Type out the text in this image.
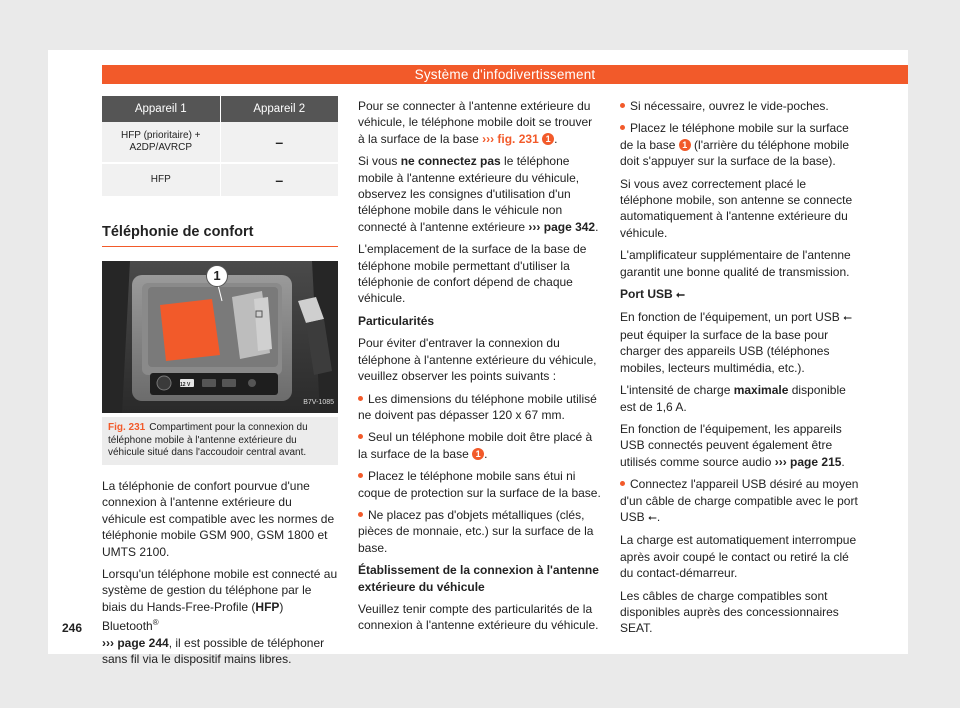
Système d'infodivertissement
Appareil 1	Appareil 2
HFP (prioritaire) + A2DP/AVRCP	–
HFP	–
Téléphonie de confort
1
12 V
B7V-1085
Fig. 231 Compartiment pour la connexion du téléphone mobile à l'antenne extérieure du véhicule situé dans l'accoudoir central avant.

La téléphonie de confort pourvue d'une connexion à l'antenne extérieure du véhicule est compatible avec les normes de téléphonie mobile GSM 900, GSM 1800 et UMTS 2100.

Lorsqu'un téléphone mobile est connecté au système de gestion du téléphone par le biais du Hands-Free-Profile (HFP) Bluetooth®
››› page 244, il est possible de téléphoner sans fil via le dispositif mains libres.

Pour se connecter à l'antenne extérieure du véhicule, le téléphone mobile doit se trouver à la surface de la base ››› fig. 231 1 .

Si vous ne connectez pas le téléphone mobile à l'antenne extérieure du véhicule, observez les consignes d'utilisation d'un téléphone mobile dans le véhicule non connecté à l'antenne extérieure ››› page 342.

L'emplacement de la surface de la base de téléphone mobile permettant d'utiliser la téléphonie de confort dépend de chaque véhicule.

Particularités

Pour éviter d'entraver la connexion du téléphone à l'antenne extérieure du véhicule, veuillez observer les points suivants :

Les dimensions du téléphone mobile utilisé ne doivent pas dépasser 120 x 67 mm.

Seul un téléphone mobile doit être placé à la surface de la base 1 .

Placez le téléphone mobile sans étui ni coque de protection sur la surface de la base.

Ne placez pas d'objets métalliques (clés, pièces de monnaie, etc.) sur la surface de la base.

Établissement de la connexion à l'antenne extérieure du véhicule

Veuillez tenir compte des particularités de la connexion à l'antenne extérieure du véhicule.

Si nécessaire, ouvrez le vide-poches.

Placez le téléphone mobile sur la surface de la base 1 (l'arrière du téléphone mobile doit s'appuyer sur la surface de la base).

Si vous avez correctement placé le téléphone mobile, son antenne se connecte automatiquement à l'antenne extérieure du véhicule.

L'amplificateur supplémentaire de l'antenne garantit une bonne qualité de transmission.

Port USB ⭠

En fonction de l'équipement, un port USB ⭠ peut équiper la surface de la base pour charger des appareils USB (téléphones mobiles, lecteurs multimédia, etc.).

L'intensité de charge maximale disponible est de 1,6 A.

En fonction de l'équipement, les appareils USB connectés peuvent également être utilisés comme source audio ››› page 215.

Connectez l'appareil USB désiré au moyen d'un câble de charge compatible avec le port USB ⭠.

La charge est automatiquement interrompue après avoir coupé le contact ou retiré la clé du contact-démarreur.

Les câbles de charge compatibles sont disponibles auprès des concessionnaires SEAT.

246
